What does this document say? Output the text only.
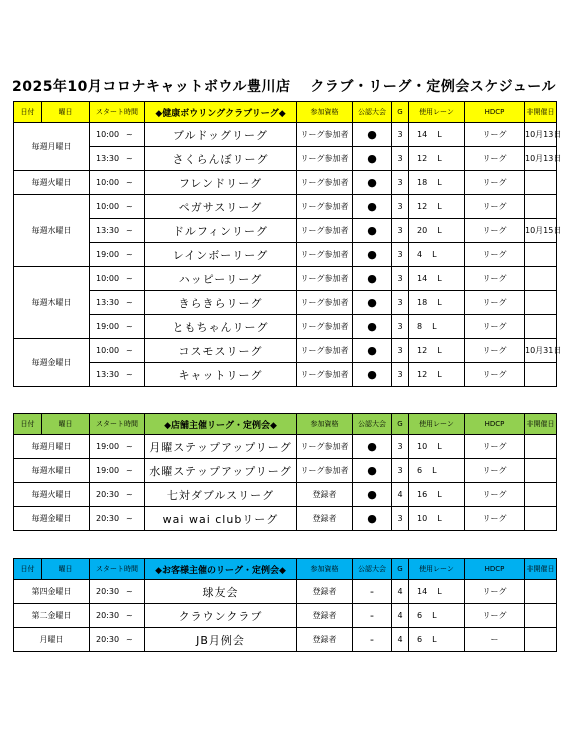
2025年10月コロナキャットボウル豊川店　 クラブ・リーグ・定例会スケジュール
日付	曜日	スタート時間	◆健康ボウリングクラブリーグ◆	参加資格	公認大会	G	使用レーン	HDCP	非開催日
毎週月曜日		10:00 ~	ブルドッグリーグ	リーグ参加者	●	3	14 L	リーグ	10月13日
		13:30 ~	さくらんぼリーグ	リーグ参加者	●	3	12 L	リーグ	10月13日
毎週火曜日		10:00 ~	フレンドリーグ	リーグ参加者	●	3	18 L	リーグ	
毎週水曜日		10:00 ~	ペガサスリーグ	リーグ参加者	●	3	12 L	リーグ	
		13:30 ~	ドルフィンリーグ	リーグ参加者	●	3	20 L	リーグ	10月15日
		19:00 ~	レインボーリーグ	リーグ参加者	●	3	4 L	リーグ	
毎週木曜日		10:00 ~	ハッピーリーグ	リーグ参加者	●	3	14 L	リーグ	
		13:30 ~	きらきらリーグ	リーグ参加者	●	3	18 L	リーグ	
		19:00 ~	ともちゃんリーグ	リーグ参加者	●	3	8 L	リーグ	
毎週金曜日		10:00 ~	コスモスリーグ	リーグ参加者	●	3	12 L	リーグ	10月31日
		13:30 ~	キャットリーグ	リーグ参加者	●	3	12 L	リーグ	
日付	曜日	スタート時間	◆店舗主催リーグ・定例会◆	参加資格	公認大会	G	使用レーン	HDCP	非開催日
毎週月曜日		19:00 ~	月曜ステップアップリーグ	リーグ参加者	●	3	10 L	リーグ	
毎週水曜日		19:00 ~	水曜ステップアップリーグ	リーグ参加者	●	3	6 L	リーグ	
毎週火曜日		20:30 ~	七対ダブルスリーグ	登録者	●	4	16 L	リーグ	
毎週金曜日		20:30 ~	wai wai clubリーグ	登録者	●	3	10 L	リーグ	
日付	曜日	スタート時間	◆お客様主催のリーグ・定例会◆	参加資格	公認大会	G	使用レーン	HDCP	非開催日
第四金曜日		20:30 ~	球友会	登録者	-	4	14 L	リーグ	
第二金曜日		20:30 ~	クラウンクラブ	登録者	-	4	6 L	リーグ	
月曜日		20:30 ~	JB月例会	登録者	-	4	6 L	ー	
